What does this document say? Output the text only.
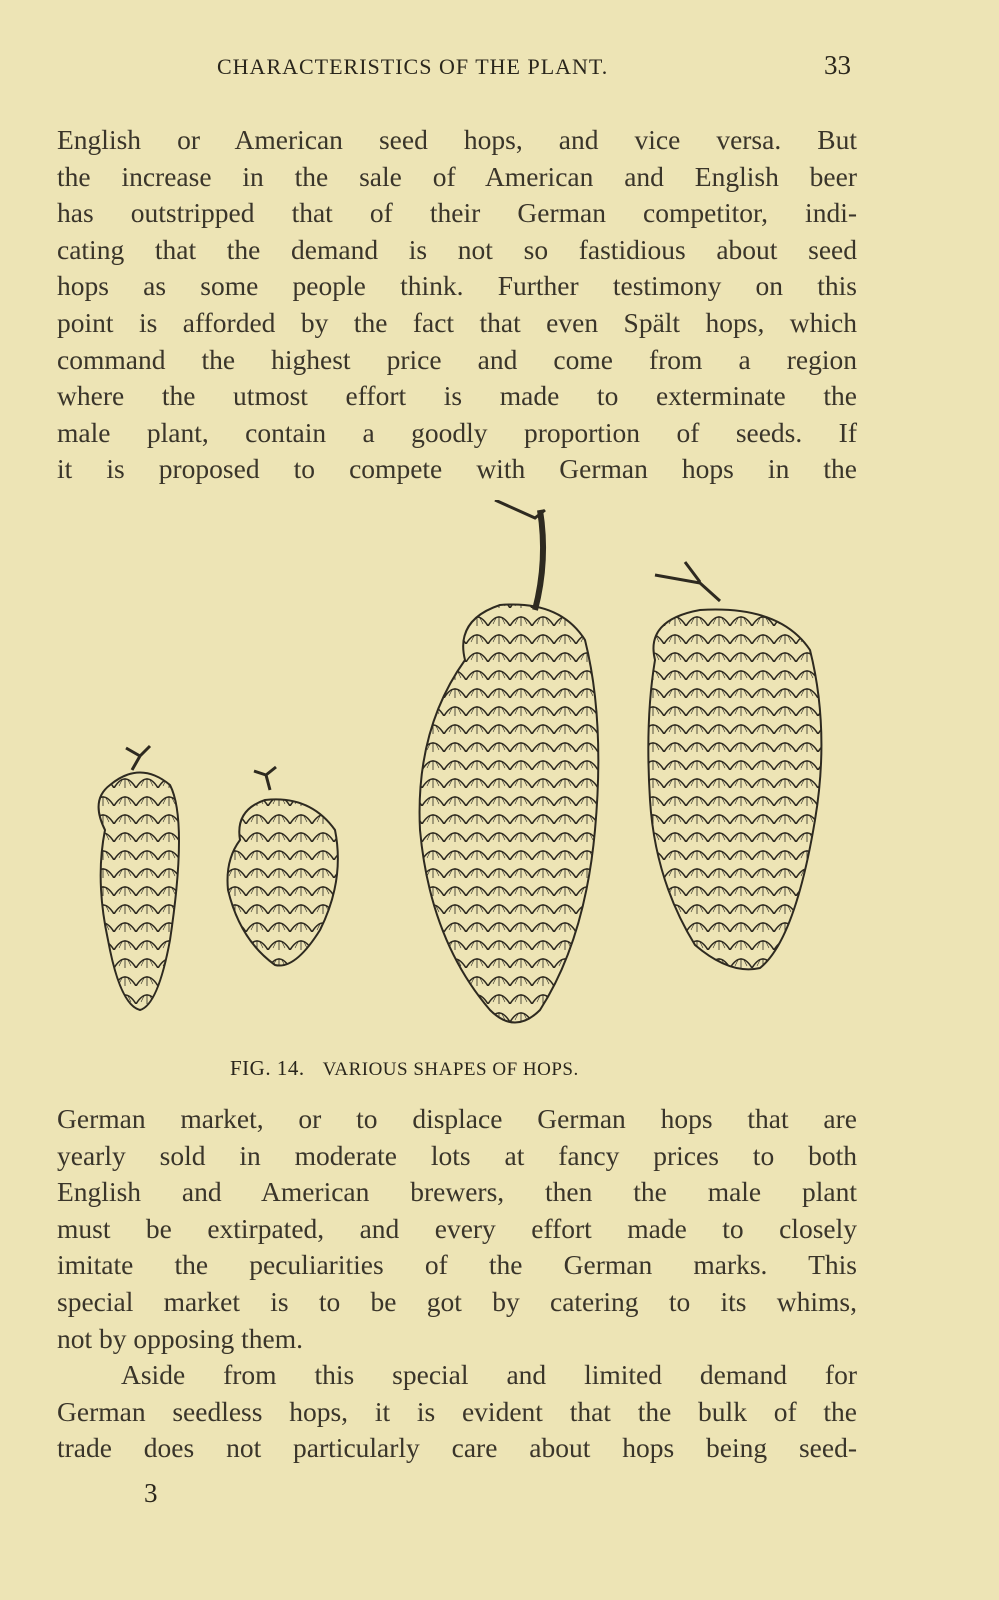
CHARACTERISTICS OF THE PLANT.	33
English or American seed hops, and vice versa. But
the increase in the sale of American and English beer
has outstripped that of their German competitor, indi-
cating that the demand is not so fastidious about seed
hops as some people think. Further testimony on this
point is afforded by the fact that even Spält hops, which
command the highest price and come from a region
where the utmost effort is made to exterminate the
male plant, contain a goodly proportion of seeds. If
it is proposed to compete with German hops in the
FIG. 14. VARIOUS SHAPES OF HOPS.
German market, or to displace German hops that are
yearly sold in moderate lots at fancy prices to both
English and American brewers, then the male plant
must be extirpated, and every effort made to closely
imitate the peculiarities of the German marks. This
special market is to be got by catering to its whims,
not by opposing them.
Aside from this special and limited demand for
German seedless hops, it is evident that the bulk of the
trade does not particularly care about hops being seed-
3
